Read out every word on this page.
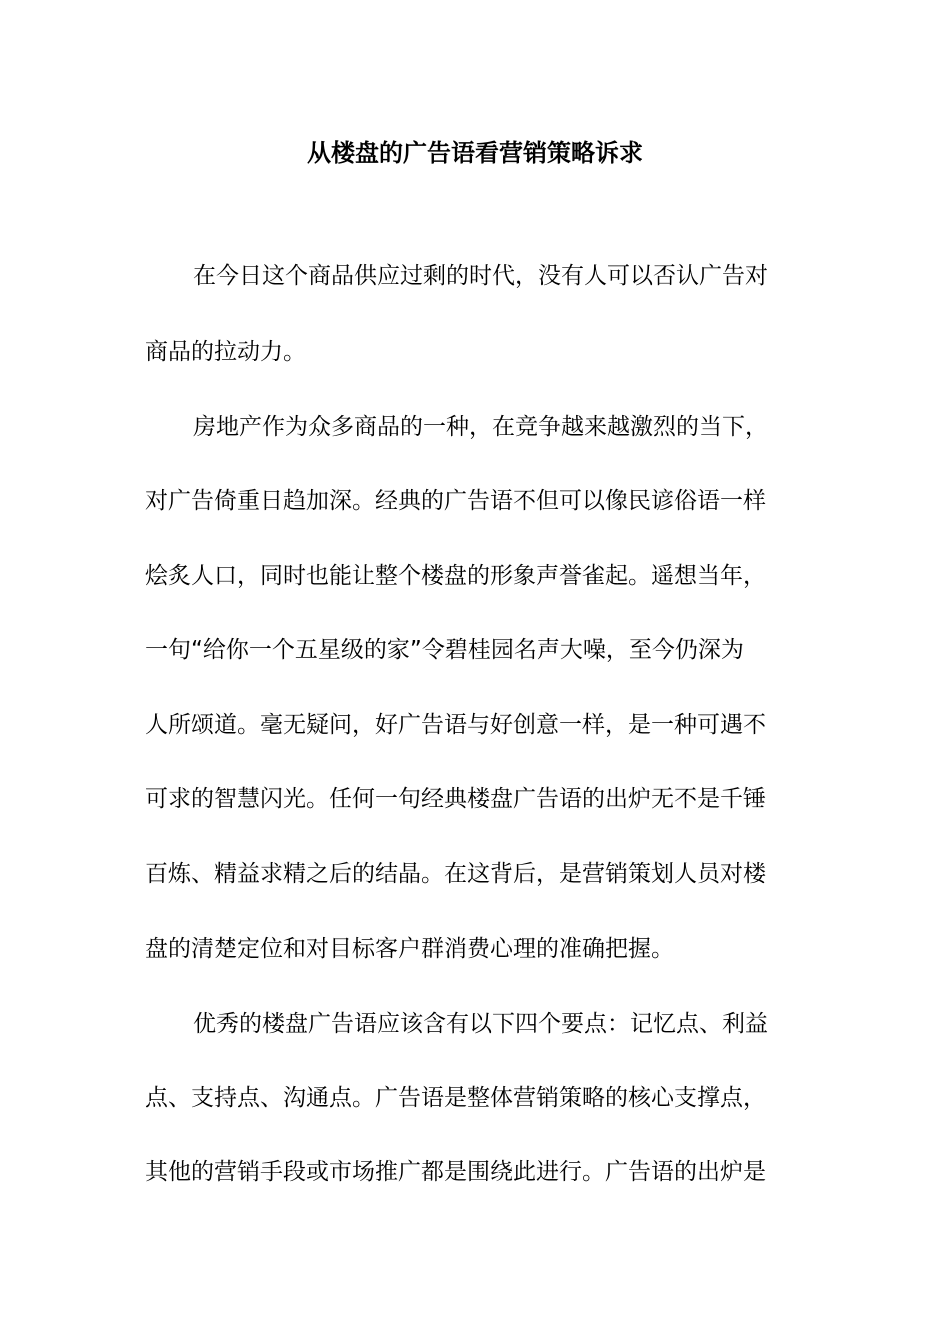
从楼盘的广告语看营销策略诉求

在今日这个商品供应过剩的时代，没有人可以否认广告对

商品的拉动力。

房地产作为众多商品的一种，在竞争越来越激烈的当下，

对广告倚重日趋加深。经典的广告语不但可以像民谚俗语一样

烩炙人口，同时也能让整个楼盘的形象声誉雀起。遥想当年，

一句“给你一个五星级的家”令碧桂园名声大噪，至今仍深为

人所颂道。毫无疑问，好广告语与好创意一样，是一种可遇不

可求的智慧闪光。任何一句经典楼盘广告语的出炉无不是千锤

百炼、精益求精之后的结晶。在这背后，是营销策划人员对楼

盘的清楚定位和对目标客户群消费心理的准确把握。

优秀的楼盘广告语应该含有以下四个要点：记忆点、利益

点、支持点、沟通点。广告语是整体营销策略的核心支撑点，

其他的营销手段或市场推广都是围绕此进行。广告语的出炉是
